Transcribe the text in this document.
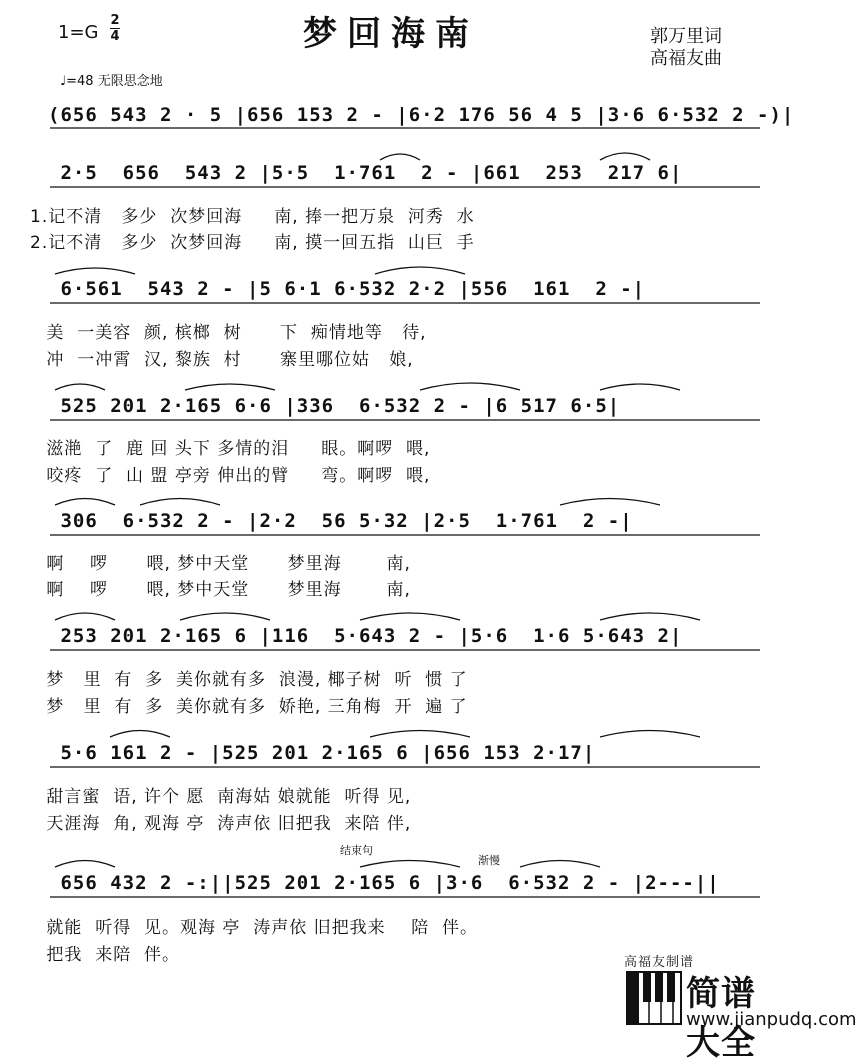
梦回海南
1=G
2
4	郭万里词
高福友曲
♩=48 无限思念地
(656 543 2 · 5 |656 153 2 - |6·2 176 56 4 5 |3·6 6·532 2 -)|
2·5  656  543 2 |5·5  1·761  2 - |661  253  217 6|
1.记不清   多少  次梦回海     南, 捧一把万泉  河秀  水
2.记不清   多少  次梦回海     南, 摸一回五指  山巨  手
6·561  543 2 - |5 6·1 6·532 2·2 |556  161  2 -|
美  一美容  颜, 槟榔  树      下  痴情地等   待,
冲  一冲霄  汉, 黎族  村      寨里哪位姑   娘,
525 201 2·165 6·6 |336  6·532 2 - |6 517 6·5|
滋滟  了  鹿 回 头下 多情的泪     眼。啊啰  喂,
咬疼  了  山 盟 亭旁 伸出的臂     弯。啊啰  喂,
306  6·532 2 - |2·2  56 5·32 |2·5  1·761  2 -|
啊    啰      喂, 梦中天堂      梦里海       南,
啊    啰      喂, 梦中天堂      梦里海       南,
253 201 2·165 6 |116  5·643 2 - |5·6  1·6 5·643 2|
梦   里  有  多  美你就有多  浪漫, 椰子树  听  惯 了
梦   里  有  多  美你就有多  娇艳, 三角梅  开  遍 了
5·6 161 2 - |525 201 2·165 6 |656 153 2·17|
甜言蜜  语, 许个 愿  南海姑 娘就能  听得 见,
天涯海  角, 观海 亭  涛声依 旧把我  来陪 伴,
结束句
渐慢
656 432 2 -:||525 201 2·165 6 |3·6  6·532 2 - |2---||
就能  听得  见。观海 亭  涛声依 旧把我来    陪  伴。
把我  来陪  伴。	高福友制谱
简谱大全
www.jianpudq.com
